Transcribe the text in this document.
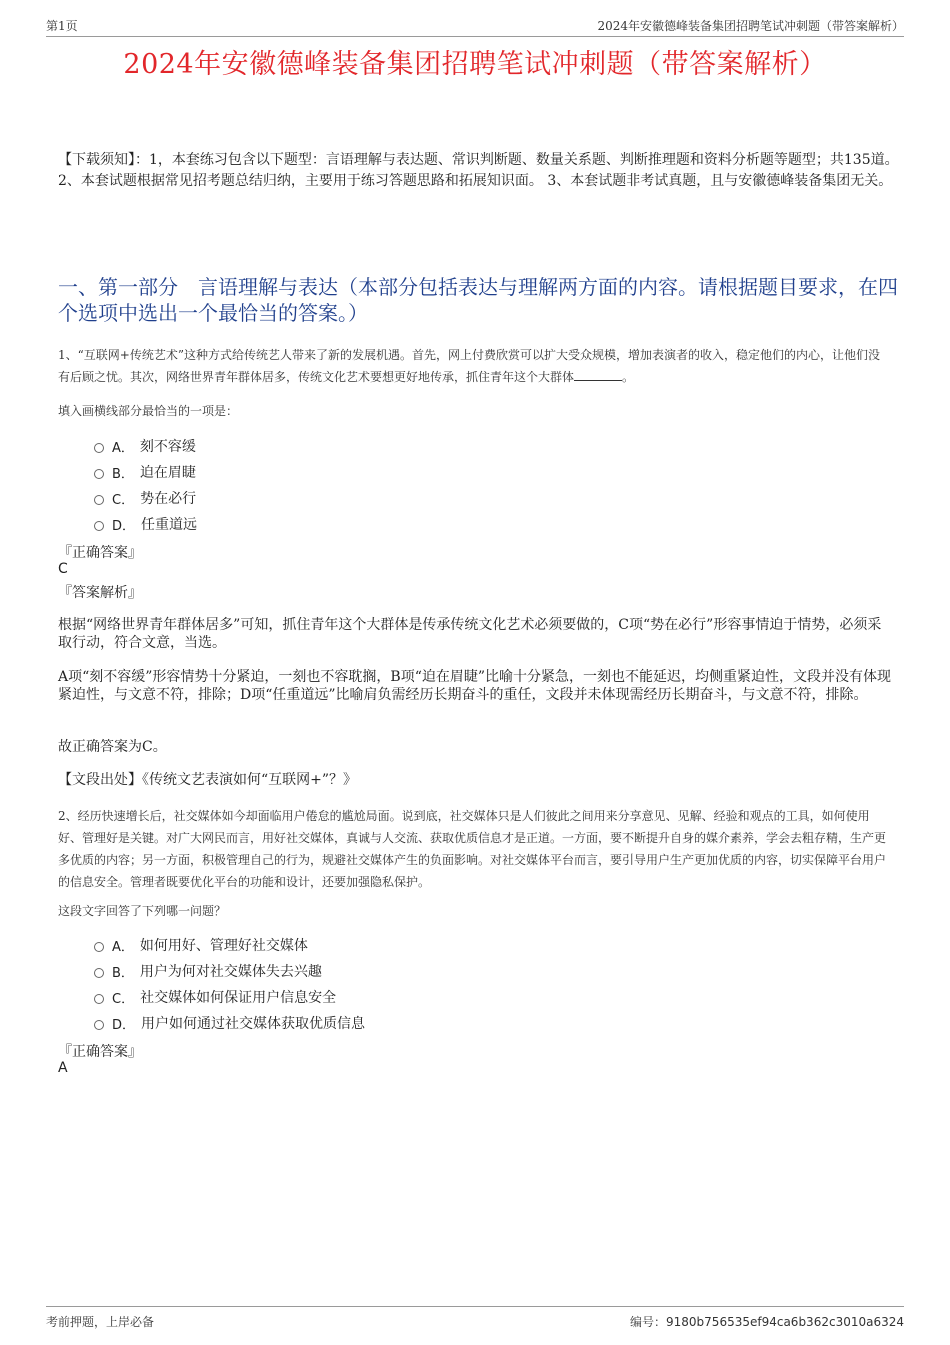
第1页	2024年安徽德峰装备集团招聘笔试冲刺题（带答案解析）
2024年安徽德峰装备集团招聘笔试冲刺题（带答案解析）

【下载须知】：1，本套练习包含以下题型：言语理解与表达题、常识判断题、数量关系题、判断推理题和资料分析题等题型；共135道。 2、本套试题根据常见招考题总结归纳，主要用于练习答题思路和拓展知识面。 3、本套试题非考试真题，且与安徽德峰装备集团无关。

一、第一部分　言语理解与表达（本部分包括表达与理解两方面的内容。请根据题目要求，在四个选项中选出一个最恰当的答案。）

1、“互联网+传统艺术”这种方式给传统艺人带来了新的发展机遇。首先，网上付费欣赏可以扩大受众规模，增加表演者的收入，稳定他们的内心，让他们没有后顾之忧。其次，网络世界青年群体居多，传统文化艺术要想更好地传承，抓住青年这个大群体	。

填入画横线部分最恰当的一项是：

A． 刻不容缓
B． 迫在眉睫
C． 势在必行
D． 任重道远

『正确答案』

C

『答案解析』

根据“网络世界青年群体居多”可知，抓住青年这个大群体是传承传统文化艺术必须要做的，C项“势在必行”形容事情迫于情势，必须采取行动，符合文意，当选。

A项“刻不容缓”形容情势十分紧迫，一刻也不容耽搁，B项“迫在眉睫”比喻十分紧急，一刻也不能延迟，均侧重紧迫性，文段并没有体现紧迫性，与文意不符，排除；D项“任重道远”比喻肩负需经历长期奋斗的重任，文段并未体现需经历长期奋斗，与文意不符，排除。

故正确答案为C。

【文段出处】《传统文艺表演如何“互联网+”？》

2、经历快速增长后，社交媒体如今却面临用户倦怠的尴尬局面。说到底，社交媒体只是人们彼此之间用来分享意见、见解、经验和观点的工具，如何使用好、管理好是关键。对广大网民而言，用好社交媒体，真诚与人交流、获取优质信息才是正道。一方面，要不断提升自身的媒介素养，学会去粗存精，生产更多优质的内容；另一方面，积极管理自己的行为，规避社交媒体产生的负面影响。对社交媒体平台而言，要引导用户生产更加优质的内容，切实保障平台用户的信息安全。管理者既要优化平台的功能和设计，还要加强隐私保护。

这段文字回答了下列哪一问题？

A． 如何用好、管理好社交媒体
B． 用户为何对社交媒体失去兴趣
C． 社交媒体如何保证用户信息安全
D． 用户如何通过社交媒体获取优质信息

『正确答案』

A

考前押题，上岸必备	编号：9180b756535ef94ca6b362c3010a6324
